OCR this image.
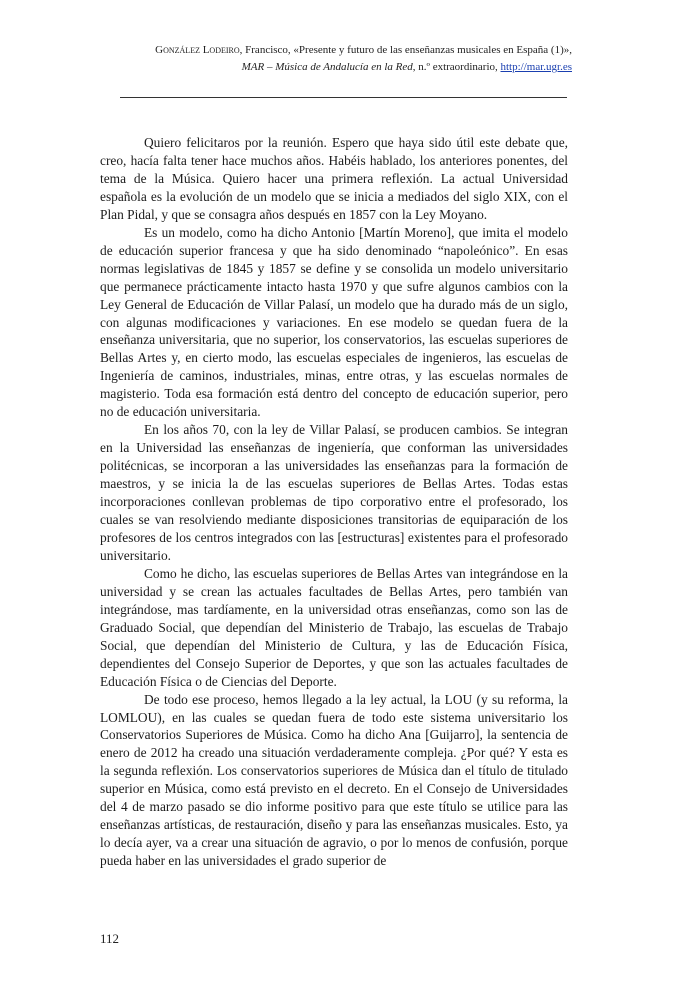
González Lodeiro, Francisco, «Presente y futuro de las enseñanzas musicales en España (1)»,
MAR – Música de Andalucía en la Red, n.º extraordinario, http://mar.ugr.es

Quiero felicitaros por la reunión. Espero que haya sido útil este debate que, creo, hacía falta tener hace muchos años. Habéis hablado, los anteriores ponentes, del tema de la Música. Quiero hacer una primera reflexión. La actual Universidad española es la evolución de un modelo que se inicia a mediados del siglo XIX, con el Plan Pidal, y que se consagra años después en 1857 con la Ley Moyano.

Es un modelo, como ha dicho Antonio [Martín Moreno], que imita el modelo de educación superior francesa y que ha sido denominado “napoleónico”. En esas normas legislativas de 1845 y 1857 se define y se consolida un modelo universitario que permanece prácticamente intacto hasta 1970 y que sufre algunos cambios con la Ley General de Educación de Villar Palasí, un modelo que ha durado más de un siglo, con algunas modificaciones y variaciones. En ese modelo se quedan fuera de la enseñanza universitaria, que no superior, los conservatorios, las escuelas superiores de Bellas Artes y, en cierto modo, las escuelas especiales de ingenieros, las escuelas de Ingeniería de caminos, industriales, minas, entre otras, y las escuelas normales de magisterio. Toda esa formación está dentro del concepto de educación superior, pero no de educación universitaria.

En los años 70, con la ley de Villar Palasí, se producen cambios. Se integran en la Universidad las enseñanzas de ingeniería, que conforman las universidades politécnicas, se incorporan a las universidades las enseñanzas para la formación de maestros, y se inicia la de las escuelas superiores de Bellas Artes. Todas estas incorporaciones conllevan problemas de tipo corporativo entre el profesorado, los cuales se van resolviendo mediante disposiciones transitorias de equiparación de los profesores de los centros integrados con las [estructuras] existentes para el profesorado universitario.

Como he dicho, las escuelas superiores de Bellas Artes van integrándose en la universidad y se crean las actuales facultades de Bellas Artes, pero también van integrándose, mas tardíamente, en la universidad otras enseñanzas, como son las de Graduado Social, que dependían del Ministerio de Trabajo, las escuelas de Trabajo Social, que dependían del Ministerio de Cultura, y las de Educación Física, dependientes del Consejo Superior de Deportes, y que son las actuales facultades de Educación Física o de Ciencias del Deporte.

De todo ese proceso, hemos llegado a la ley actual, la LOU (y su reforma, la LOMLOU), en las cuales se quedan fuera de todo este sistema universitario los Conservatorios Superiores de Música. Como ha dicho Ana [Guijarro], la sentencia de enero de 2012 ha creado una situación verdaderamente compleja. ¿Por qué? Y esta es la segunda reflexión. Los conservatorios superiores de Música dan el título de titulado superior en Música, como está previsto en el decreto. En el Consejo de Universidades del 4 de marzo pasado se dio informe positivo para que este título se utilice para las enseñanzas artísticas, de restauración, diseño y para las enseñanzas musicales. Esto, ya lo decía ayer, va a crear una situación de agravio, o por lo menos de confusión, porque pueda haber en las universidades el grado superior de

112
